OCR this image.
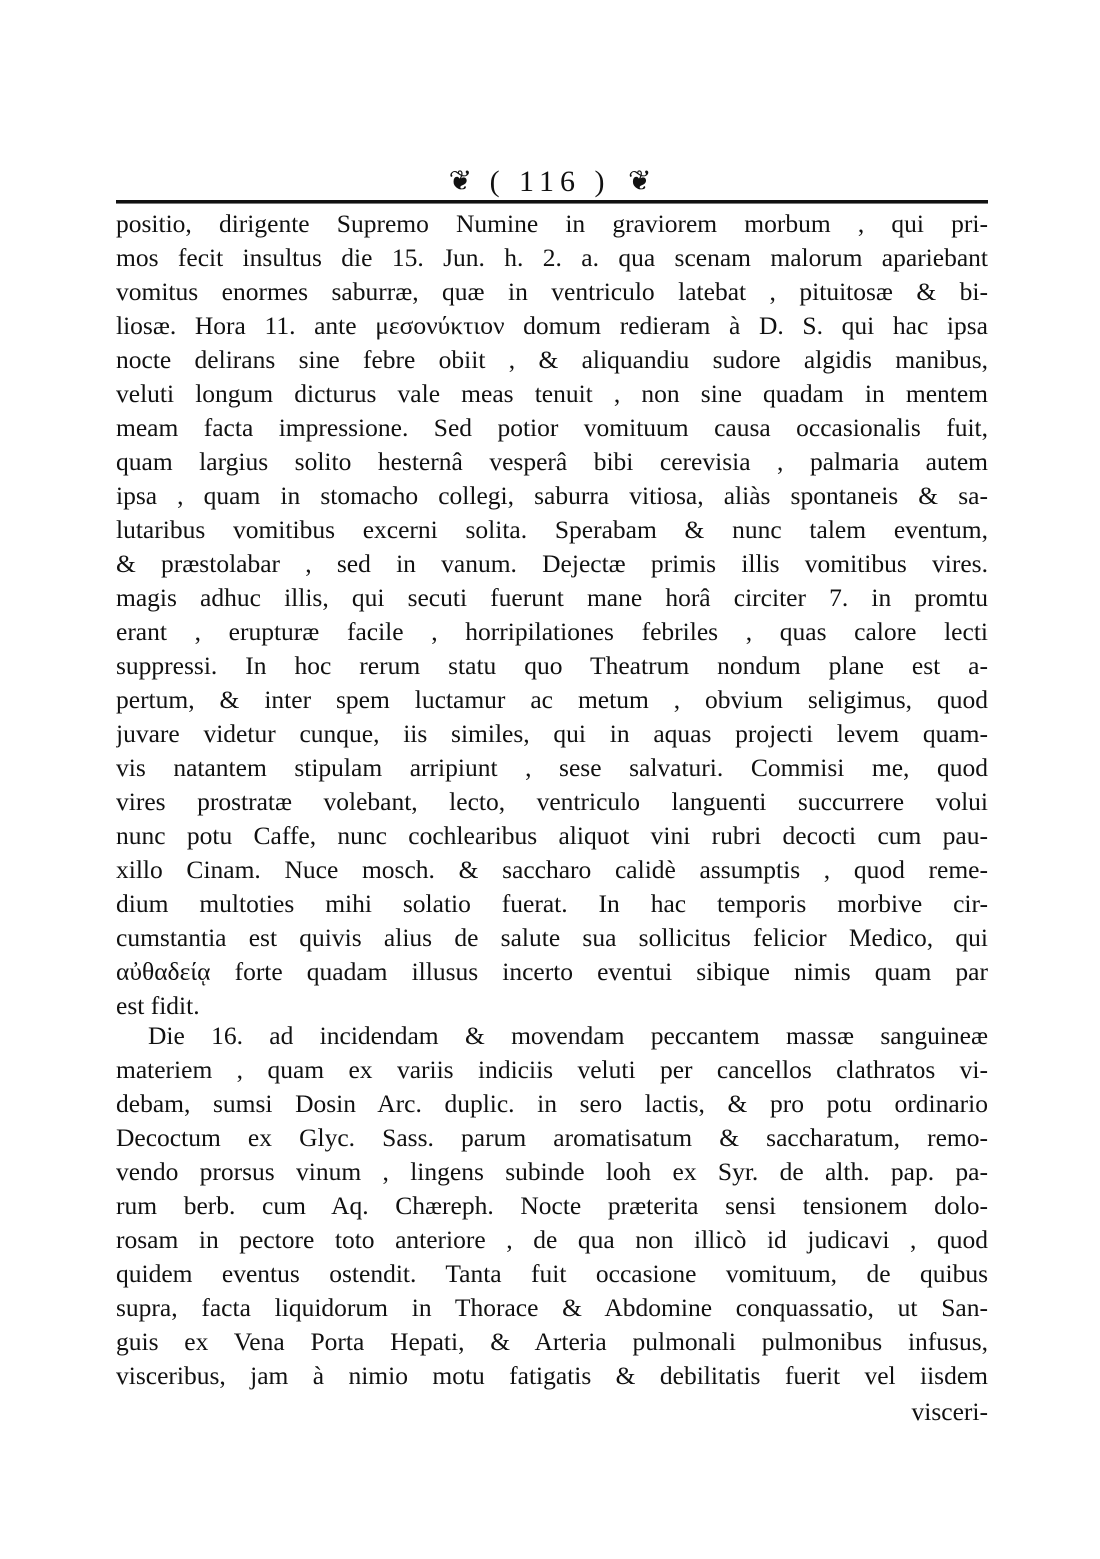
❦ ( 116 ) ❦
positio, dirigente Supremo Numine in graviorem morbum , qui pri-
mos fecit insultus die 15. Jun. h. 2. a. qua scenam malorum apariebant
vomitus enormes saburræ, quæ in ventriculo latebat , pituitosæ & bi-
liosæ. Hora 11. ante μεσονύκτιον domum redieram à D. S. qui hac ipsa
nocte delirans sine febre obiit , & aliquandiu sudore algidis manibus,
veluti longum dicturus vale meas tenuit , non sine quadam in mentem
meam facta impressione. Sed potior vomituum causa occasionalis fuit,
quam largius solito hesternâ vesperâ bibi cerevisia , palmaria autem
ipsa , quam in stomacho collegi, saburra vitiosa, aliàs spontaneis & sa-
lutaribus vomitibus excerni solita. Sperabam & nunc talem eventum,
& præstolabar , sed in vanum. Dejectæ primis illis vomitibus vires.
magis adhuc illis, qui secuti fuerunt mane horâ circiter 7. in promtu
erant , erupturæ facile , horripilationes febriles , quas calore lecti
suppressi. In hoc rerum statu quo Theatrum nondum plane est a-
pertum, & inter spem luctamur ac metum , obvium seligimus, quod
juvare videtur cunque, iis similes, qui in aquas projecti levem quam-
vis natantem stipulam arripiunt , sese salvaturi. Commisi me, quod
vires prostratæ volebant, lecto, ventriculo languenti succurrere volui
nunc potu Caffe, nunc cochlearibus aliquot vini rubri decocti cum pau-
xillo Cinam. Nuce mosch. & saccharo calidè assumptis , quod reme-
dium multoties mihi solatio fuerat. In hac temporis morbive cir-
cumstantia est quivis alius de salute sua sollicitus felicior Medico, qui
αὐθαδείᾳ forte quadam illusus incerto eventui sibique nimis quam par
est fidit.
Die 16. ad incidendam & movendam peccantem massæ sanguineæ
materiem , quam ex variis indiciis veluti per cancellos clathratos vi-
debam, sumsi Dosin Arc. duplic. in sero lactis, & pro potu ordinario
Decoctum ex Glyc. Sass. parum aromatisatum & saccharatum, remo-
vendo prorsus vinum , lingens subinde looh ex Syr. de alth. pap. pa-
rum berb. cum Aq. Chæreph. Nocte præterita sensi tensionem dolo-
rosam in pectore toto anteriore , de qua non illicò id judicavi , quod
quidem eventus ostendit. Tanta fuit occasione vomituum, de quibus
supra, facta liquidorum in Thorace & Abdomine conquassatio, ut San-
guis ex Vena Porta Hepati, & Arteria pulmonali pulmonibus infusus,
visceribus, jam à nimio motu fatigatis & debilitatis fuerit vel iisdem
visceri-
